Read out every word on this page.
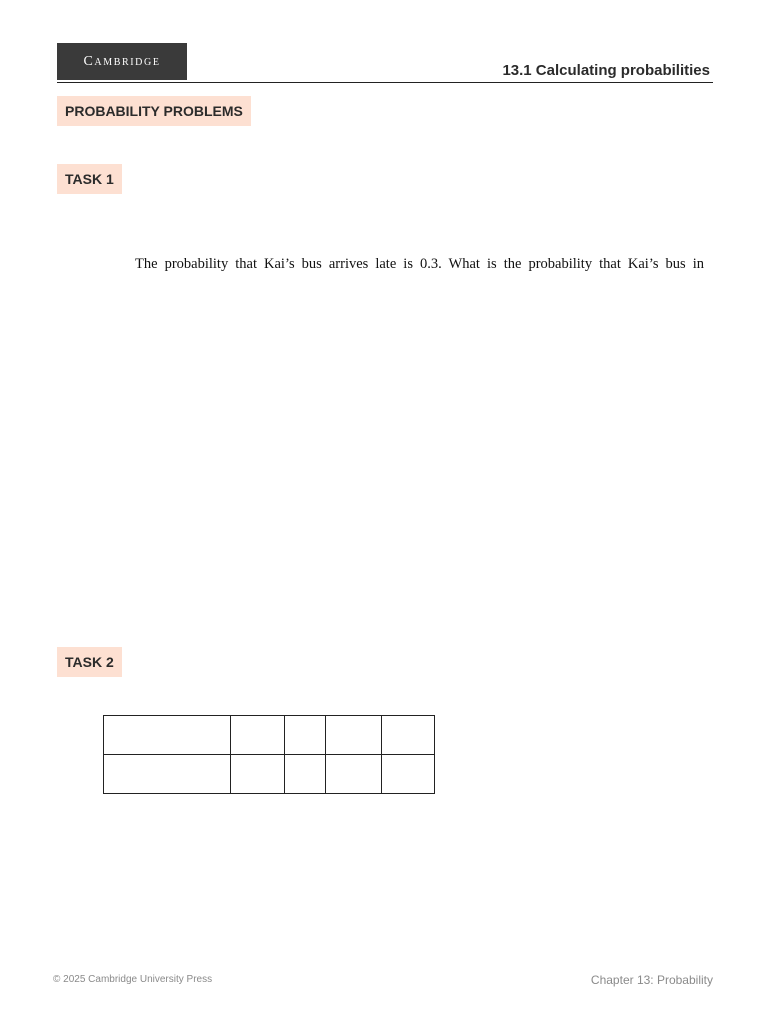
Cambridge
13.1 Calculating probabilities
PROBABILITY PROBLEMS
TASK 1
The probability that Kai’s bus arrives late is 0.3. What is the probability that Kai’s bus in
TASK 2

© 2025 Cambridge University Press	Chapter 13: Probability
